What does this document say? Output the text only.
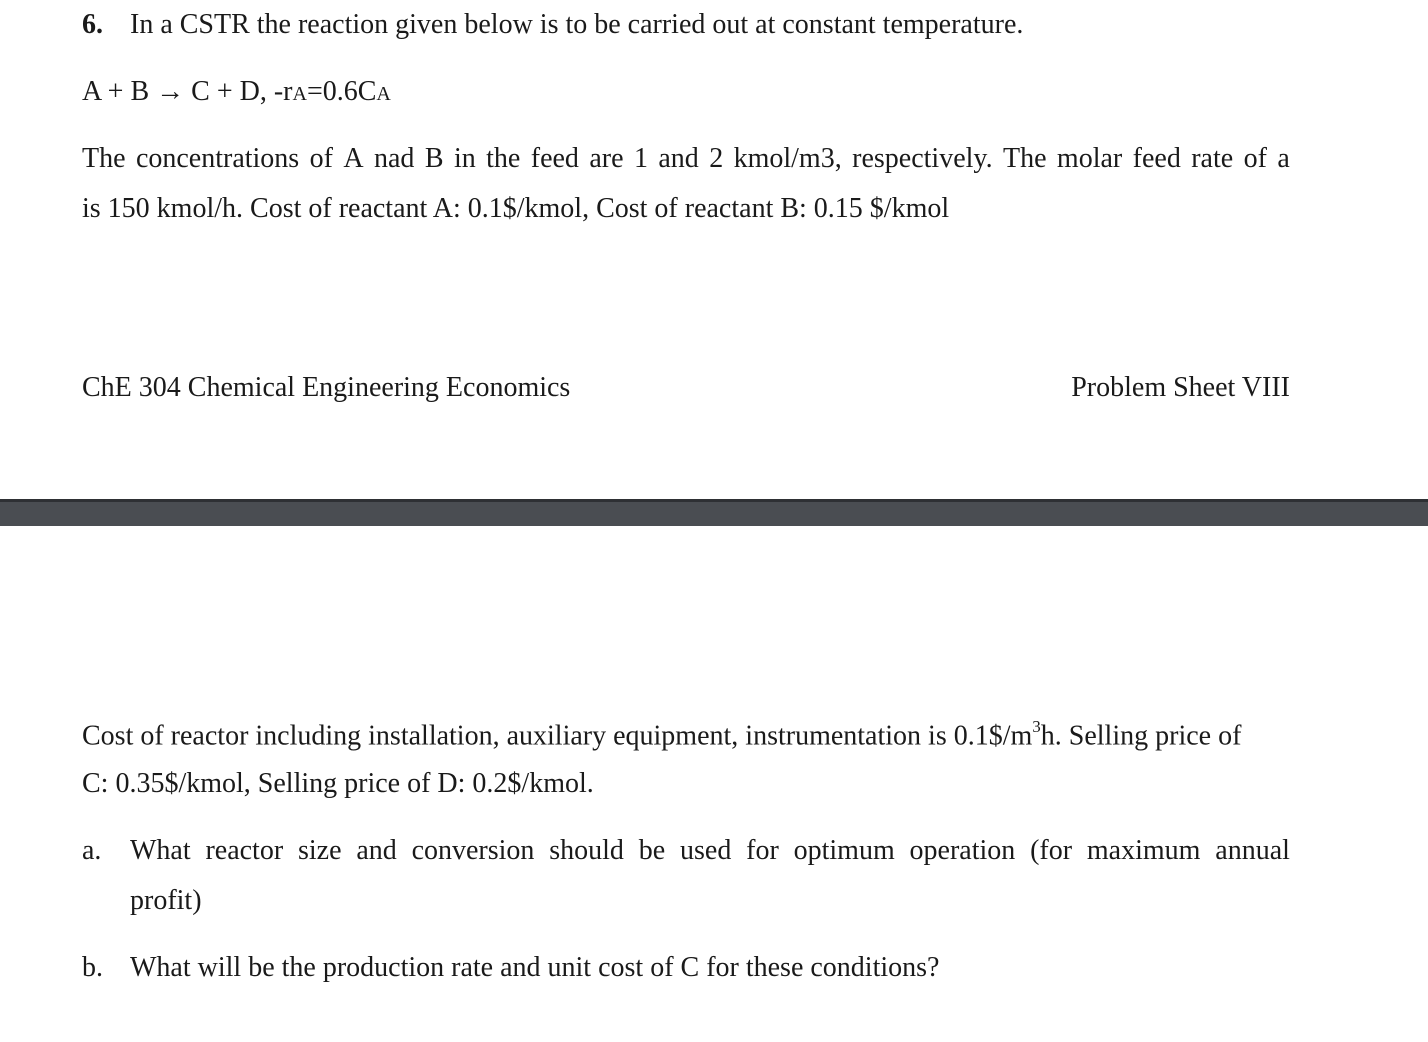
6. In a CSTR the reaction given below is to be carried out at constant temperature.
A + B → C + D, -rA=0.6CA
The concentrations of A nad B in the feed are 1 and 2 kmol/m3, respectively. The molar feed rate of a
is 150 kmol/h. Cost of reactant A: 0.1$/kmol, Cost of reactant B: 0.15 $/kmol
ChE 304 Chemical Engineering Economics	Problem Sheet VIII
Cost of reactor including installation, auxiliary equipment, instrumentation is $0.1\$/m^3h$. Selling price of
C: 0.35$/kmol, Selling price of D: 0.2$/kmol.
a.	What reactor size and conversion should be used for optimum operation (for maximum annual
profit)
b. What will be the production rate and unit cost of C for these conditions?
